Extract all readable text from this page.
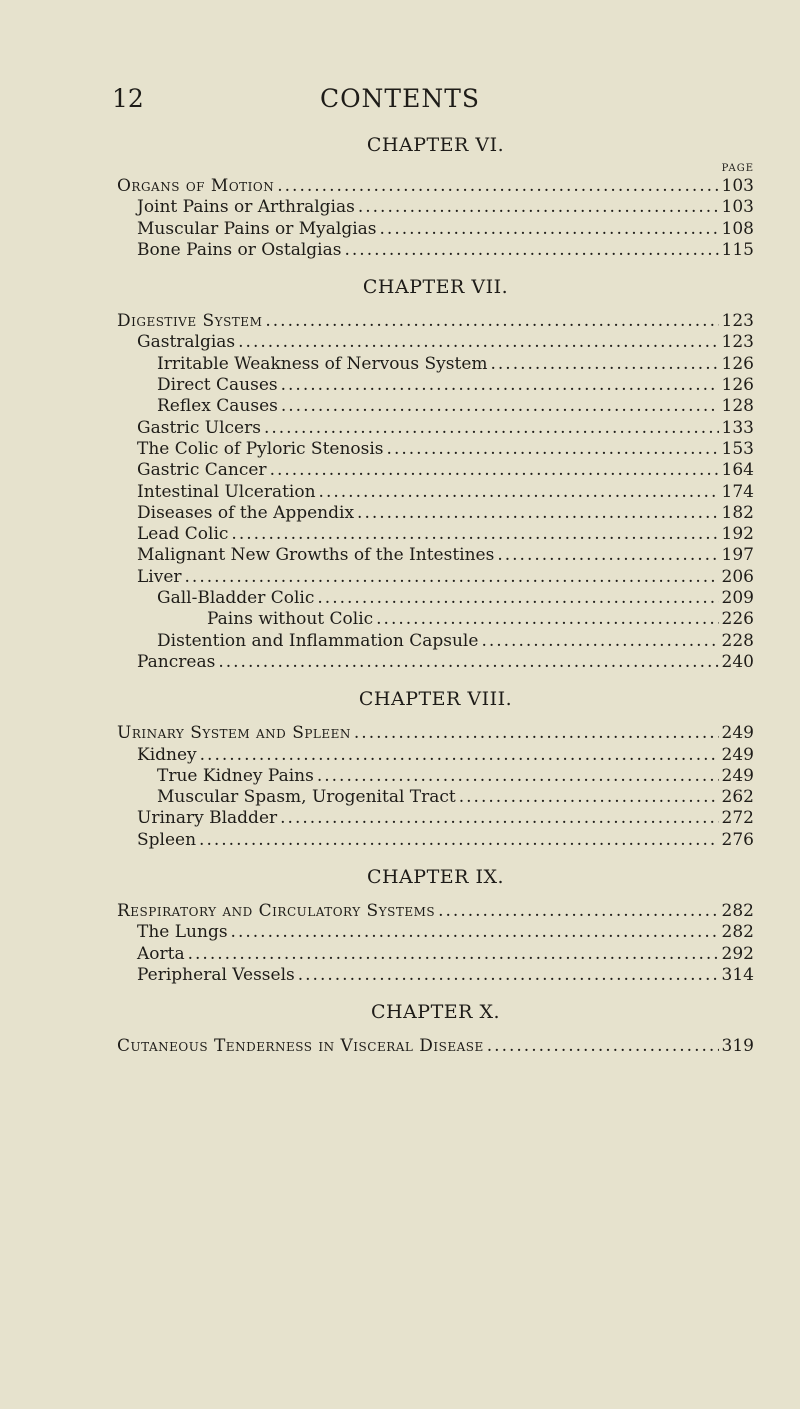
12	CONTENTS
CHAPTER VI.
PAGE
Organs of Motion .....	103
Joint Pains or Arthralgias .....	103
Muscular Pains or Myalgias .....	108
Bone Pains or Ostalgias .....	115
CHAPTER VII.
Digestive System .....	123
Gastralgias .....	123
Irritable Weakness of Nervous System .....	126
Direct Causes .....	126
Reflex Causes .....	128
Gastric Ulcers .....	133
The Colic of Pyloric Stenosis .....	153
Gastric Cancer .....	164
Intestinal Ulceration .....	174
Diseases of the Appendix .....	182
Lead Colic .....	192
Malignant New Growths of the Intestines .....	197
Liver .....	206
Gall-Bladder Colic .....	209
Pains without Colic .....	226
Distention and Inflammation Capsule .....	228
Pancreas .....	240
CHAPTER VIII.
Urinary System and Spleen .....	249
Kidney .....	249
True Kidney Pains .....	249
Muscular Spasm, Urogenital Tract .....	262
Urinary Bladder .....	272
Spleen .....	276
CHAPTER IX.
Respiratory and Circulatory Systems .....	282
The Lungs .....	282
Aorta .....	292
Peripheral Vessels .....	314
CHAPTER X.
Cutaneous Tenderness in Visceral Disease .....	319
